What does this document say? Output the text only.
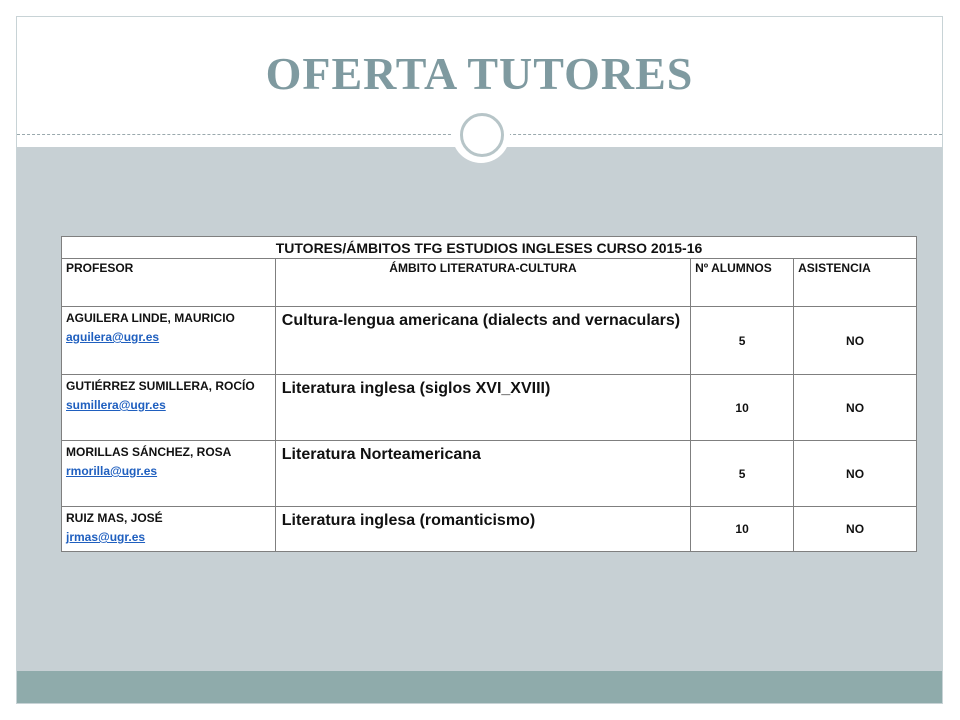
OFERTA TUTORES
TUTORES/ÁMBITOS TFG ESTUDIOS INGLESES CURSO 2015-16			
PROFESOR	ÁMBITO LITERATURA-CULTURA	Nº ALUMNOS	ASISTENCIA
AGUILERA LINDE, MAURICIO
aguilera@ugr.es	Cultura-lengua americana (dialects and vernaculars)	5	NO
GUTIÉRREZ SUMILLERA, ROCÍO
sumillera@ugr.es	Literatura inglesa (siglos XVI_XVIII)	10	NO
MORILLAS SÁNCHEZ, ROSA
rmorilla@ugr.es	Literatura Norteamericana	5	NO
RUIZ MAS, JOSÉ
jrmas@ugr.es	Literatura inglesa (romanticismo)	10	NO
